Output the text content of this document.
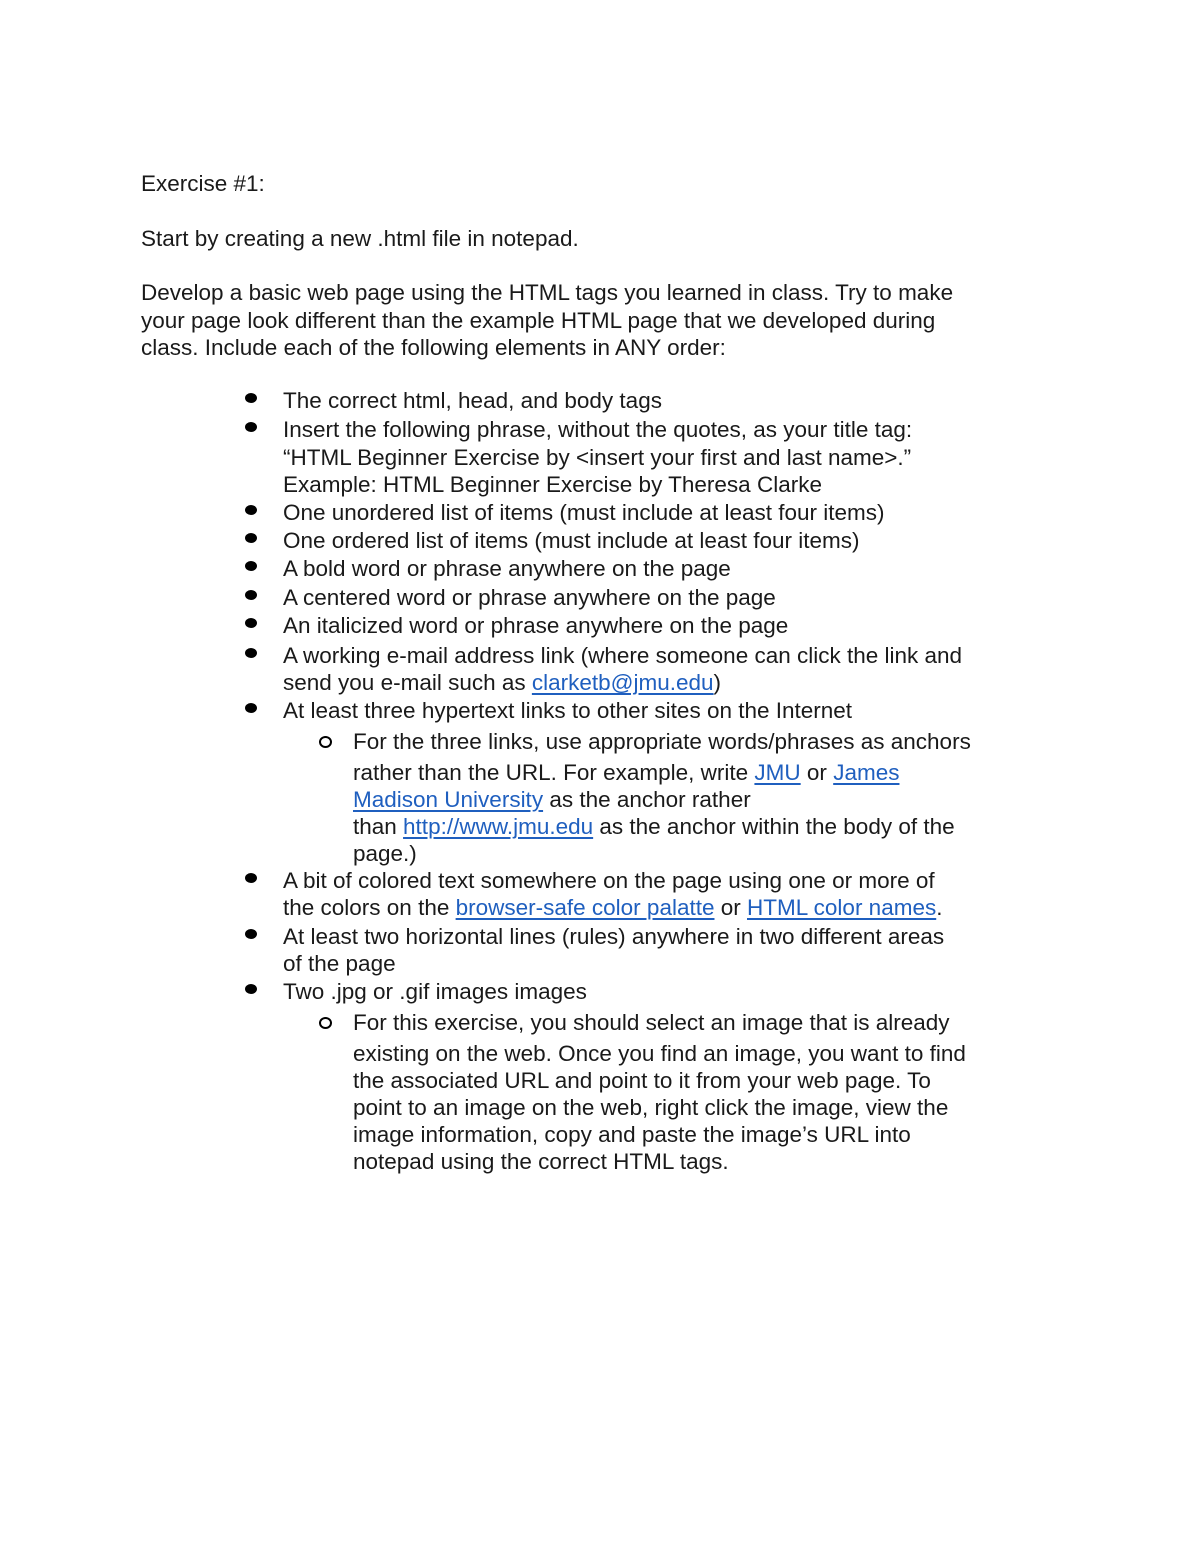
Exercise #1:
Start by creating a new .html file in notepad.
Develop a basic web page using the HTML tags you learned in class. Try to make
your page look different than the example HTML page that we developed during
class. Include each of the following elements in ANY order:
The correct html, head, and body tags
Insert the following phrase, without the quotes, as your title tag:
“HTML Beginner Exercise by <insert your first and last name>.”
Example: HTML Beginner Exercise by Theresa Clarke
One unordered list of items (must include at least four items)
One ordered list of items (must include at least four items)
A bold word or phrase anywhere on the page
A centered word or phrase anywhere on the page
An italicized word or phrase anywhere on the page
A working e-mail address link (where someone can click the link and
send you e-mail such as clarketb@jmu.edu)
At least three hypertext links to other sites on the Internet
For the three links, use appropriate words/phrases as anchors
rather than the URL. For example, write JMU or James
Madison University as the anchor rather
than http://www.jmu.edu as the anchor within the body of the
page.)
A bit of colored text somewhere on the page using one or more of
the colors on the browser-safe color palatte or HTML color names.
At least two horizontal lines (rules) anywhere in two different areas
of the page
Two .jpg or .gif images images
For this exercise, you should select an image that is already
existing on the web. Once you find an image, you want to find
the associated URL and point to it from your web page. To
point to an image on the web, right click the image, view the
image information, copy and paste the image’s URL into
notepad using the correct HTML tags.
